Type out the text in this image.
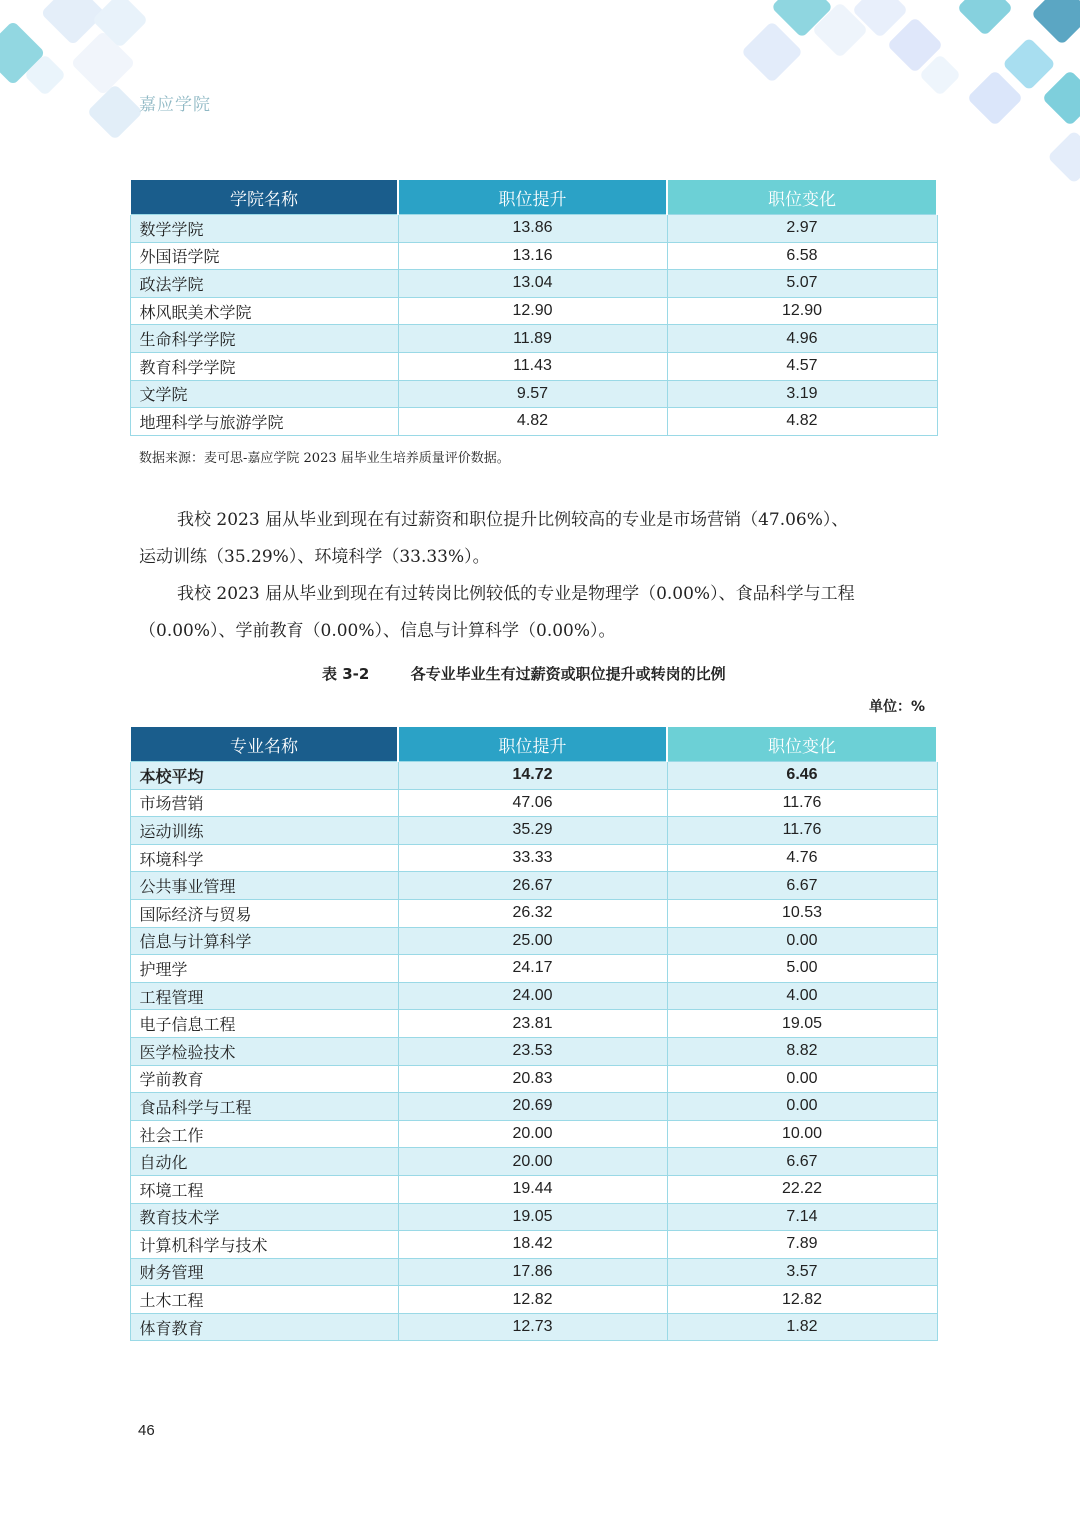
嘉应学院
学院名称	职位提升	职位变化
数学学院	13.86	2.97
外国语学院	13.16	6.58
政法学院	13.04	5.07
林风眠美术学院	12.90	12.90
生命科学学院	11.89	4.96
教育科学学院	11.43	4.57
文学院	9.57	3.19
地理科学与旅游学院	4.82	4.82
数据来源：麦可思-嘉应学院 2023 届毕业生培养质量评价数据。

我校 2023 届从毕业到现在有过薪资和职位提升比例较高的专业是市场营销（47.06%）、
运动训练（35.29%）、环境科学（33.33%）。

我校 2023 届从毕业到现在有过转岗比例较低的专业是物理学（0.00%）、食品科学与工程
（0.00%）、学前教育（0.00%）、信息与计算科学（0.00%）。

表 3-2	各专业毕业生有过薪资或职位提升或转岗的比例
单位：%
专业名称	职位提升	职位变化
本校平均	14.72	6.46
市场营销	47.06	11.76
运动训练	35.29	11.76
环境科学	33.33	4.76
公共事业管理	26.67	6.67
国际经济与贸易	26.32	10.53
信息与计算科学	25.00	0.00
护理学	24.17	5.00
工程管理	24.00	4.00
电子信息工程	23.81	19.05
医学检验技术	23.53	8.82
学前教育	20.83	0.00
食品科学与工程	20.69	0.00
社会工作	20.00	10.00
自动化	20.00	6.67
环境工程	19.44	22.22
教育技术学	19.05	7.14
计算机科学与技术	18.42	7.89
财务管理	17.86	3.57
土木工程	12.82	12.82
体育教育	12.73	1.82
46
